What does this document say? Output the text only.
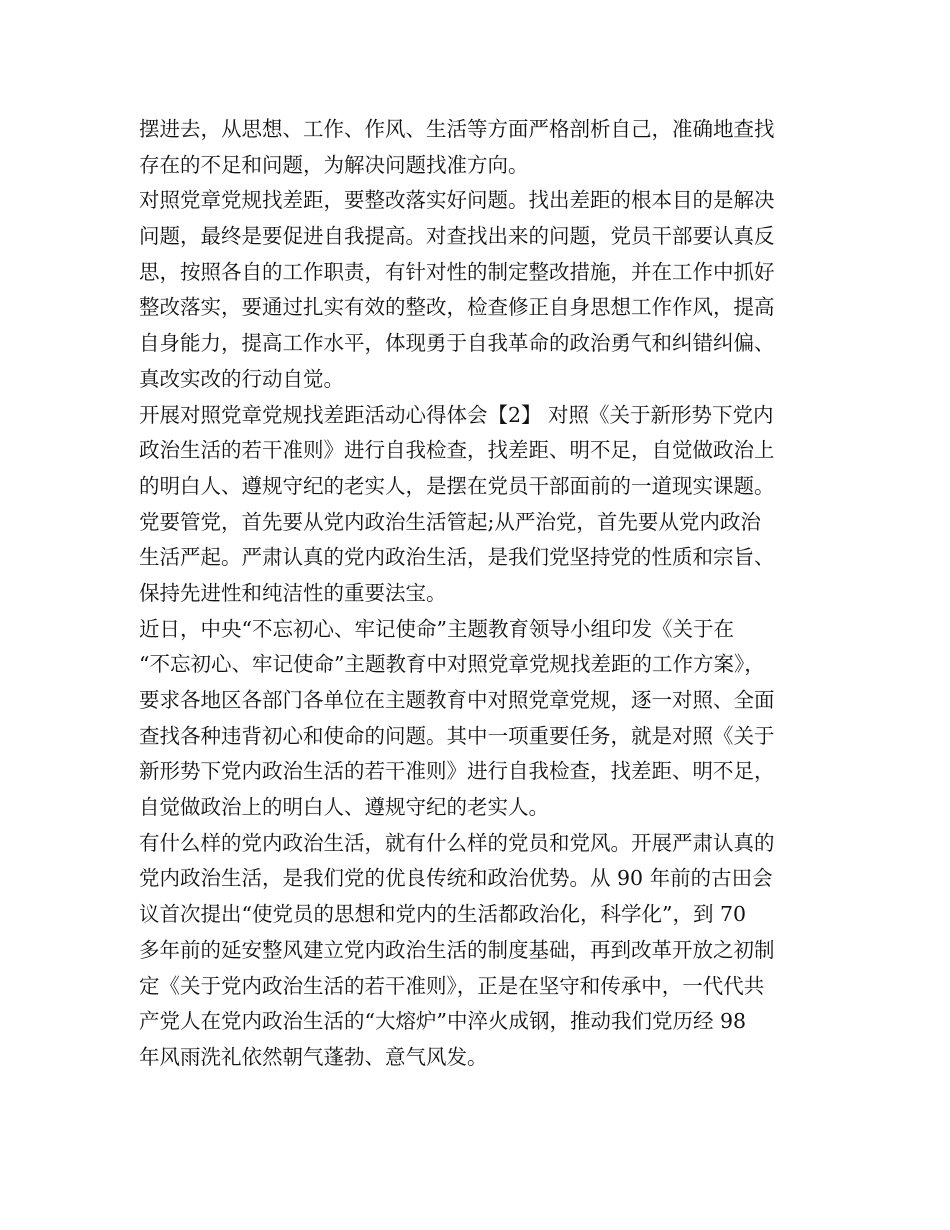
摆进去，从思想、工作、作风、生活等方面严格剖析自己，准确地查找
存在的不足和问题，为解决问题找准方向。
对照党章党规找差距，要整改落实好问题。找出差距的根本目的是解决
问题，最终是要促进自我提高。对查找出来的问题，党员干部要认真反
思，按照各自的工作职责，有针对性的制定整改措施，并在工作中抓好
整改落实，要通过扎实有效的整改，检查修正自身思想工作作风，提高
自身能力，提高工作水平，体现勇于自我革命的政治勇气和纠错纠偏、
真改实改的行动自觉。
开展对照党章党规找差距活动心得体会【2】 对照《关于新形势下党内
政治生活的若干准则》进行自我检查，找差距、明不足，自觉做政治上
的明白人、遵规守纪的老实人，是摆在党员干部面前的一道现实课题。
党要管党，首先要从党内政治生活管起;从严治党，首先要从党内政治
生活严起。严肃认真的党内政治生活，是我们党坚持党的性质和宗旨、
保持先进性和纯洁性的重要法宝。
近日，中央“不忘初心、牢记使命”主题教育领导小组印发《关于在
“不忘初心、牢记使命”主题教育中对照党章党规找差距的工作方案》，
要求各地区各部门各单位在主题教育中对照党章党规，逐一对照、全面
查找各种违背初心和使命的问题。其中一项重要任务，就是对照《关于
新形势下党内政治生活的若干准则》进行自我检查，找差距、明不足，
自觉做政治上的明白人、遵规守纪的老实人。
有什么样的党内政治生活，就有什么样的党员和党风。开展严肃认真的
党内政治生活，是我们党的优良传统和政治优势。从 90 年前的古田会
议首次提出“使党员的思想和党内的生活都政治化，科学化”，到 70
多年前的延安整风建立党内政治生活的制度基础，再到改革开放之初制
定《关于党内政治生活的若干准则》，正是在坚守和传承中，一代代共
产党人在党内政治生活的“大熔炉”中淬火成钢，推动我们党历经 98
年风雨洗礼依然朝气蓬勃、意气风发。
